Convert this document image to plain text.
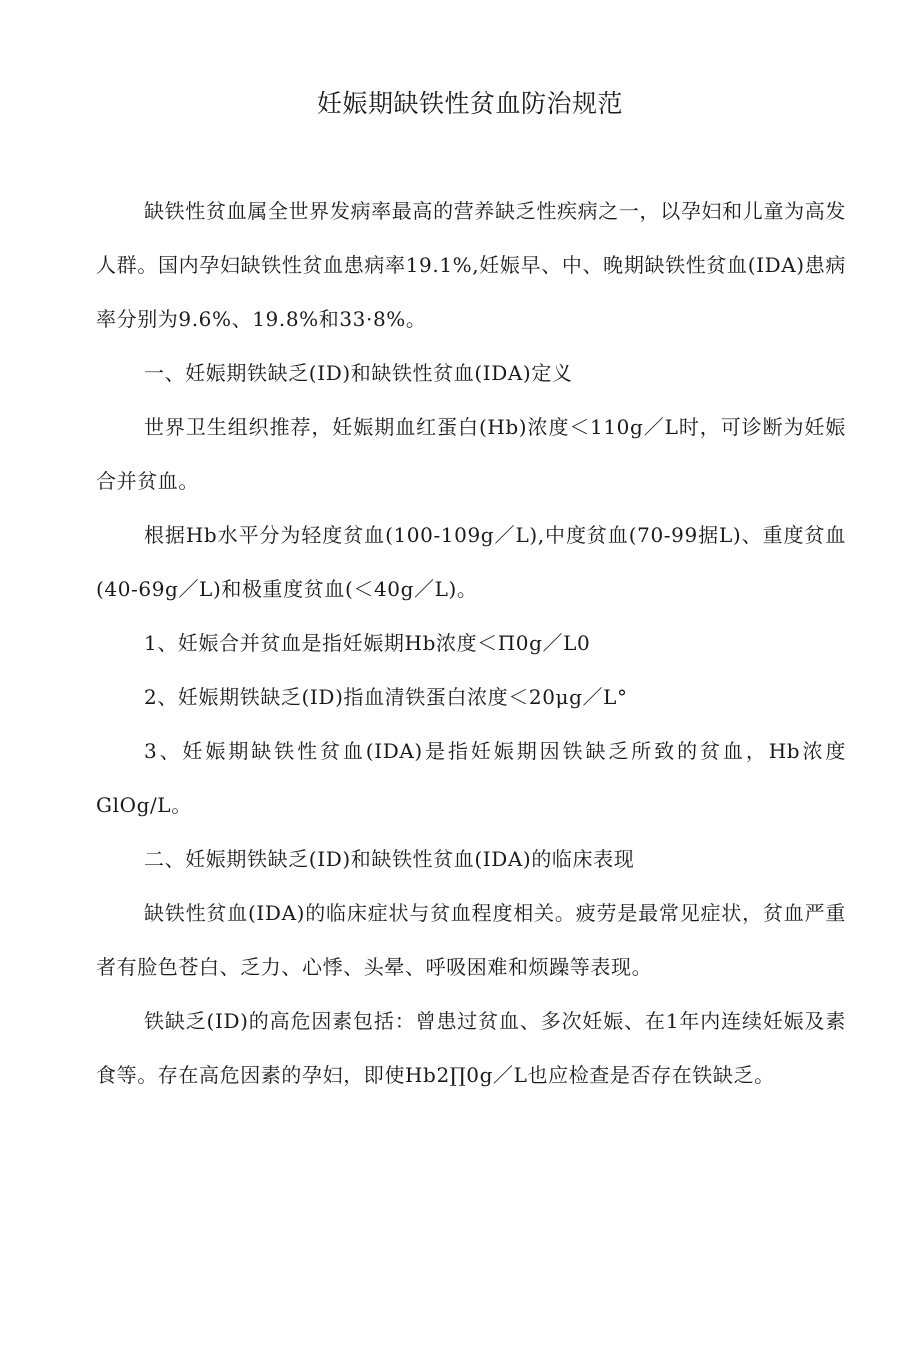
妊娠期缺铁性贫血防治规范

缺铁性贫血属全世界发病率最高的营养缺乏性疾病之一，以孕妇和儿童为高发人群。国内孕妇缺铁性贫血患病率19.1%,妊娠早、中、晚期缺铁性贫血(IDA)患病率分别为9.6%、19.8%和33·8%。

一、妊娠期铁缺乏(ID)和缺铁性贫血(IDA)定义

世界卫生组织推荐，妊娠期血红蛋白(Hb)浓度＜110g／L时，可诊断为妊娠合并贫血。

根据Hb水平分为轻度贫血(100-109g／L),中度贫血(70-99据L)、重度贫血(40-69g／L)和极重度贫血(＜40g／L)。

1、妊娠合并贫血是指妊娠期Hb浓度＜Π0g／L0

2、妊娠期铁缺乏(ID)指血清铁蛋白浓度＜20μg／L°

3、妊娠期缺铁性贫血(IDA)是指妊娠期因铁缺乏所致的贫血，Hb浓度GlOg/L。

二、妊娠期铁缺乏(ID)和缺铁性贫血(IDA)的临床表现

缺铁性贫血(IDA)的临床症状与贫血程度相关。疲劳是最常见症状，贫血严重者有脸色苍白、乏力、心悸、头晕、呼吸困难和烦躁等表现。

铁缺乏(ID)的高危因素包括：曾患过贫血、多次妊娠、在1年内连续妊娠及素食等。存在高危因素的孕妇，即使Hb2∏0g／L也应检查是否存在铁缺乏。
